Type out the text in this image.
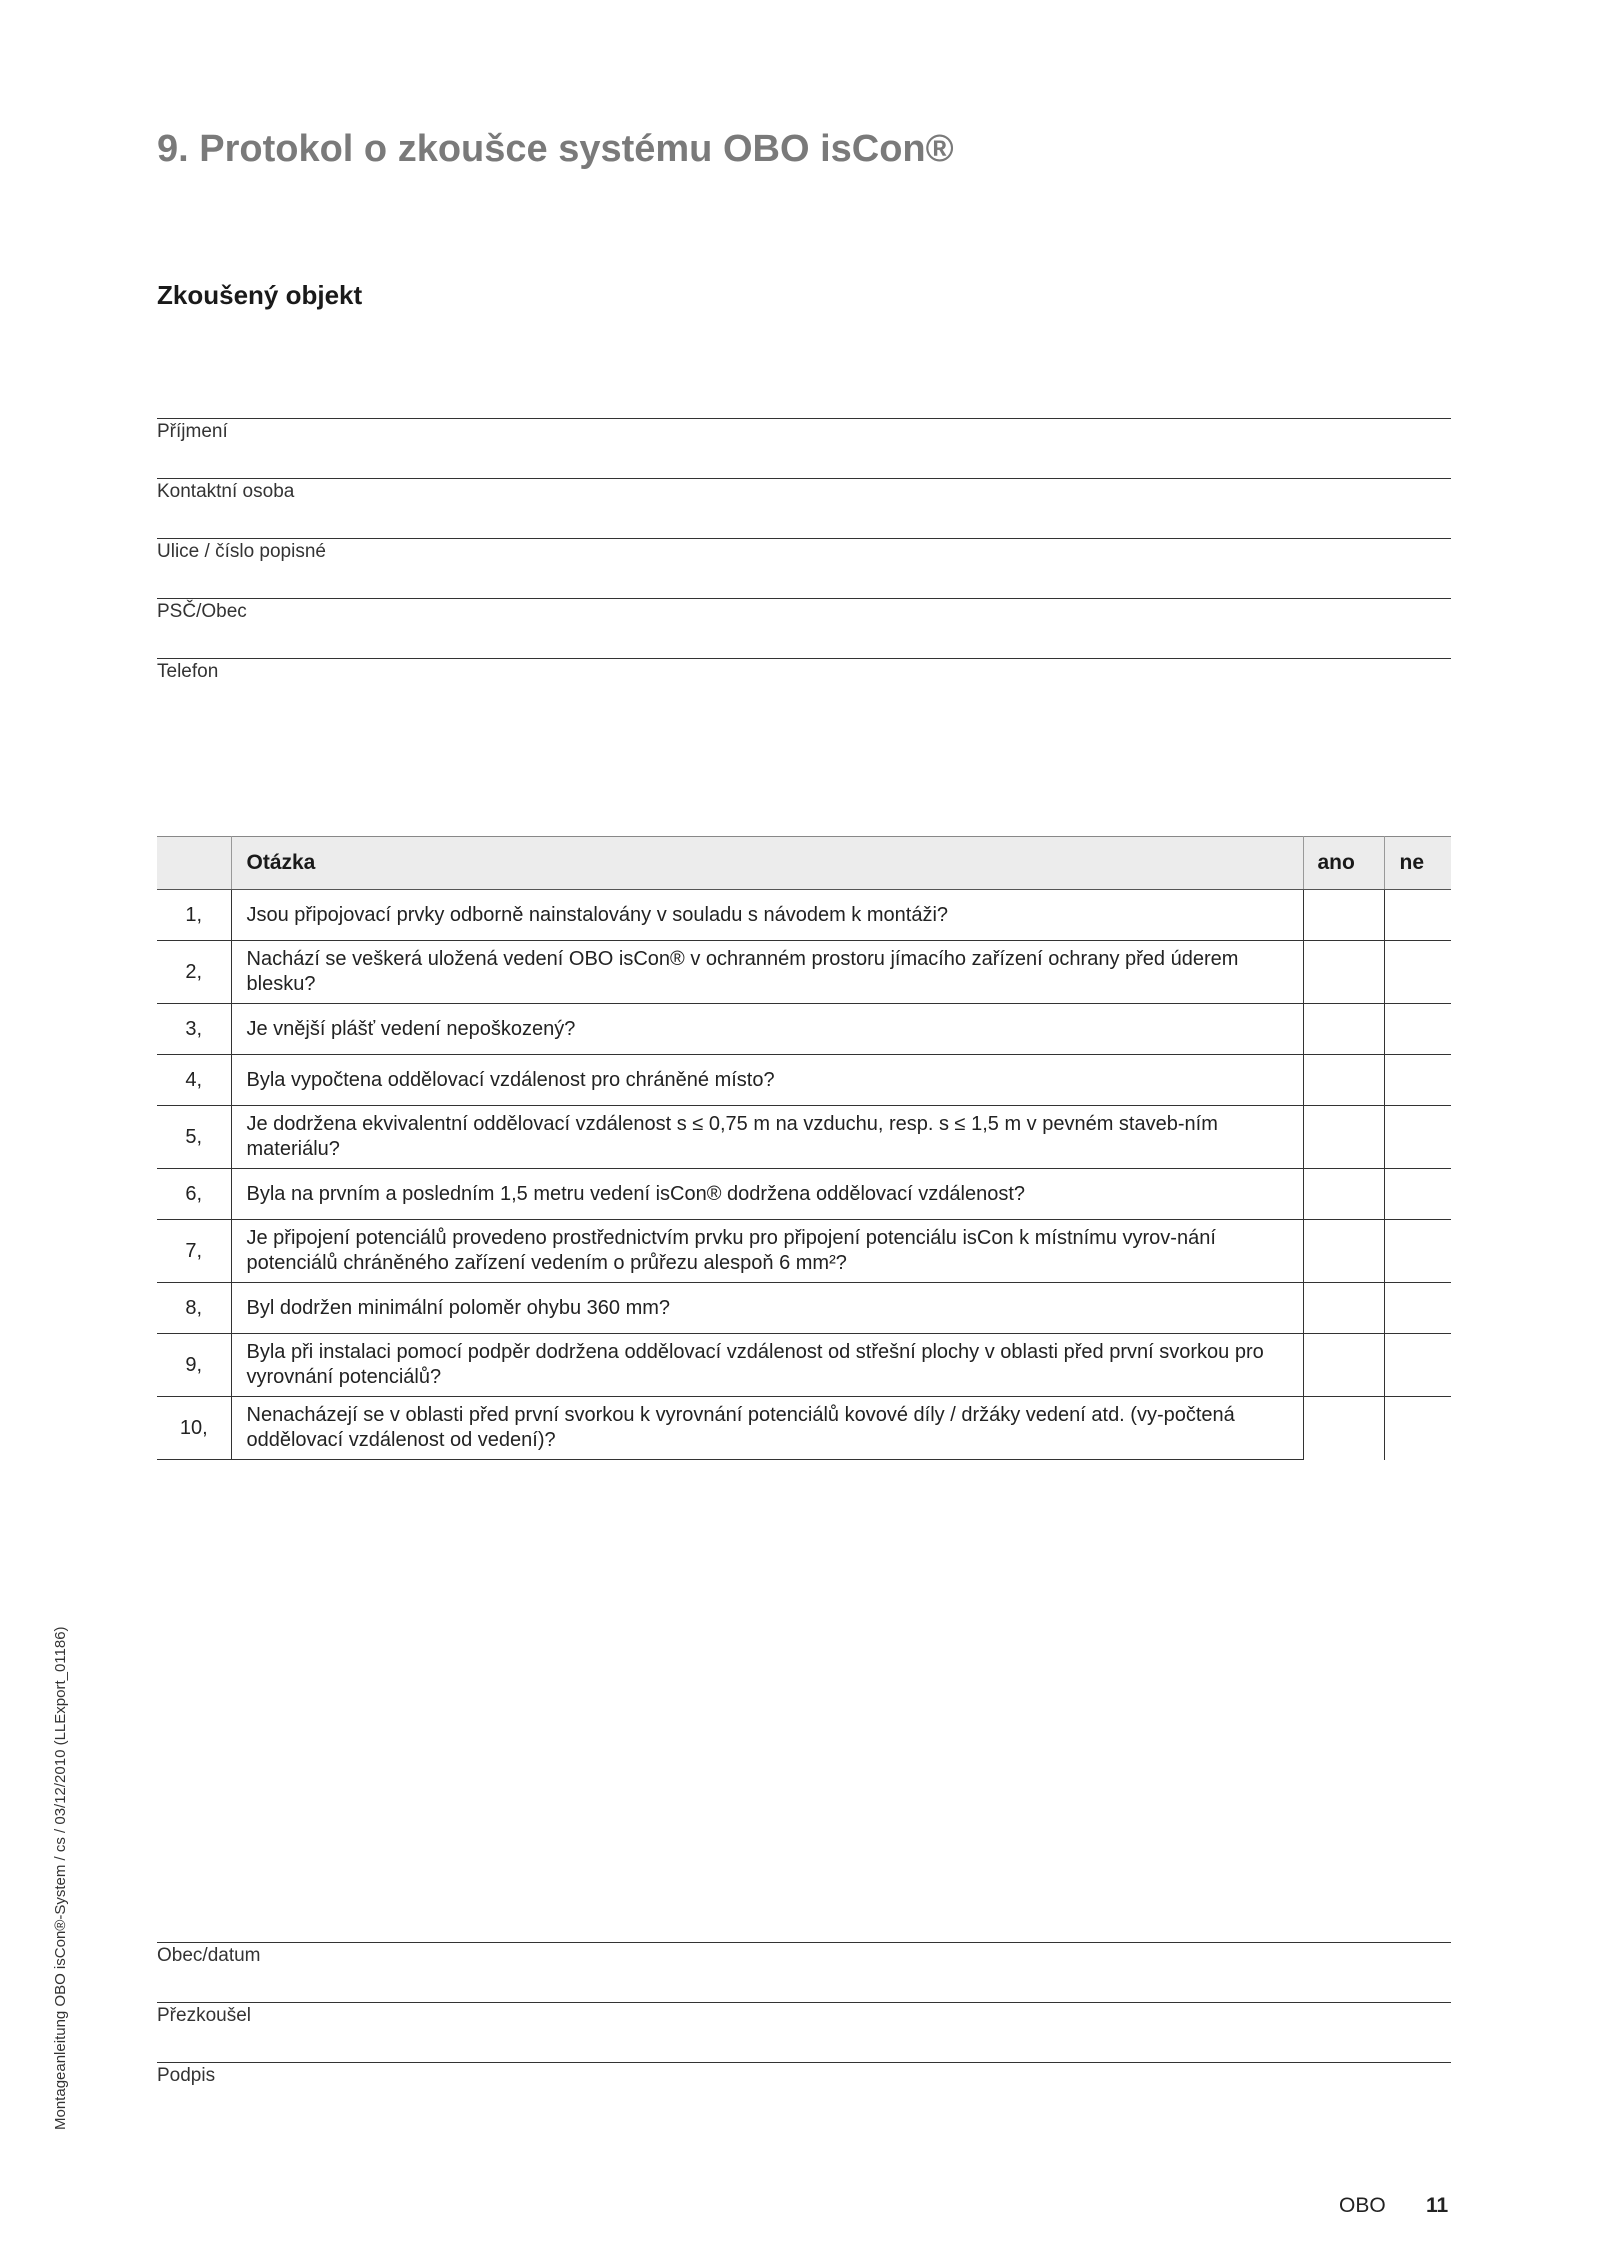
9. Protokol o zkoušce systému OBO isCon®
Zkoušený objekt
Příjmení
Kontaktní osoba
Ulice / číslo popisné
PSČ/Obec
Telefon
	Otázka	ano	ne
1,	Jsou připojovací prvky odborně nainstalovány v souladu s návodem k montáži?		
2,	Nachází se veškerá uložená vedení OBO isCon® v ochranném prostoru jímacího zařízení ochrany před úderem blesku?		
3,	Je vnější plášť vedení nepoškozený?		
4,	Byla vypočtena oddělovací vzdálenost pro chráněné místo?		
5,	Je dodržena ekvivalentní oddělovací vzdálenost s ≤ 0,75 m na vzduchu, resp. s ≤ 1,5 m v pevném staveb-ním materiálu?		
6,	Byla na prvním a posledním 1,5 metru vedení isCon® dodržena oddělovací vzdálenost?		
7,	Je připojení potenciálů provedeno prostřednictvím prvku pro připojení potenciálu isCon k místnímu vyrov-nání potenciálů chráněného zařízení vedením o průřezu alespoň 6 mm²?		
8,	Byl dodržen minimální poloměr ohybu 360 mm?		
9,	Byla při instalaci pomocí podpěr dodržena oddělovací vzdálenost od střešní plochy v oblasti před první svorkou pro vyrovnání potenciálů?		
10,	Nenacházejí se v oblasti před první svorkou k vyrovnání potenciálů kovové díly / držáky vedení atd. (vy-počtená oddělovací vzdálenost od vedení)?		
Obec/datum
Přezkoušel
Podpis
Montageanleitung OBO isCon®-System / cs / 03/12/2010 (LLExport_01186)
OBO 11
